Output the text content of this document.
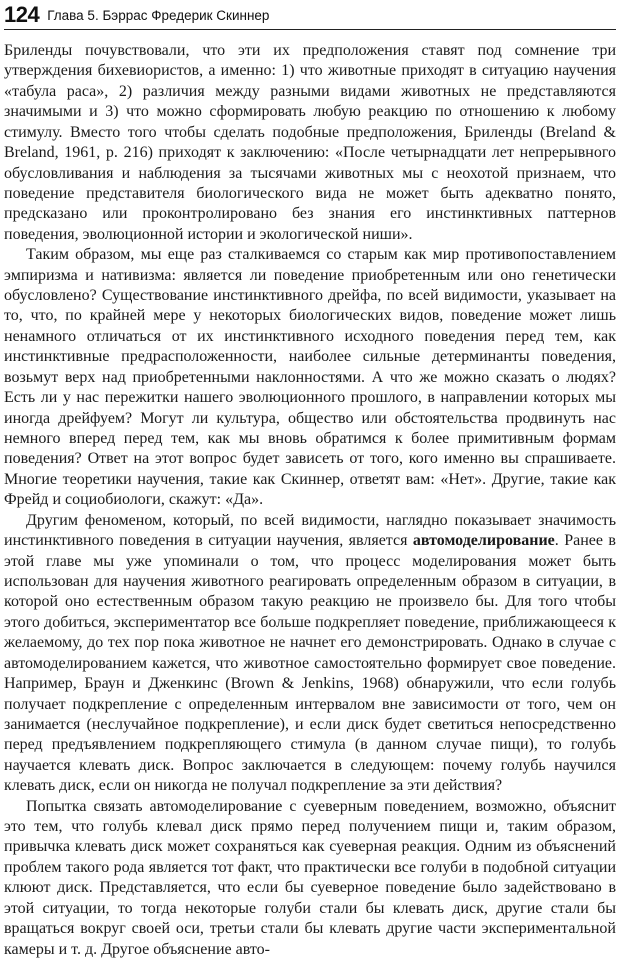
124 Глава 5. Бэррас Фредерик Скиннер

Бриленды почувствовали, что эти их предположения ставят под сомнение три утверждения бихевиористов, а именно: 1) что животные приходят в ситуацию научения «табула раса», 2) различия между разными видами животных не представляются значимыми и 3) что можно сформировать любую реакцию по отношению к любому стимулу. Вместо того чтобы сделать подобные предположения, Бриленды (Breland & Breland, 1961, p. 216) приходят к заключению: «После четырнадцати лет непрерывного обусловливания и наблюдения за тысячами животных мы с неохотой признаем, что поведение представителя биологического вида не может быть адекватно понято, предсказано или проконтролировано без знания его инстинктивных паттернов поведения, эволюционной истории и экологической ниши».

Таким образом, мы еще раз сталкиваемся со старым как мир противопоставлением эмпиризма и нативизма: является ли поведение приобретенным или оно генетически обусловлено? Существование инстинктивного дрейфа, по всей видимости, указывает на то, что, по крайней мере у некоторых биологических видов, поведение может лишь ненамного отличаться от их инстинктивного исходного поведения перед тем, как инстинктивные предрасположенности, наиболее сильные детерминанты поведения, возьмут верх над приобретенными наклонностями. А что же можно сказать о людях? Есть ли у нас пережитки нашего эволюционного прошлого, в направлении которых мы иногда дрейфуем? Могут ли культура, общество или обстоятельства продвинуть нас немного вперед перед тем, как мы вновь обратимся к более примитивным формам поведения? Ответ на этот вопрос будет зависеть от того, кого именно вы спрашиваете. Многие теоретики научения, такие как Скиннер, ответят вам: «Нет». Другие, такие как Фрейд и социобиологи, скажут: «Да».

Другим феноменом, который, по всей видимости, наглядно показывает значимость инстинктивного поведения в ситуации научения, является автомоделирование. Ранее в этой главе мы уже упоминали о том, что процесс моделирования может быть использован для научения животного реагировать определенным образом в ситуации, в которой оно естественным образом такую реакцию не произвело бы. Для того чтобы этого добиться, экспериментатор все больше подкрепляет поведение, приближающееся к желаемому, до тех пор пока животное не начнет его демонстрировать. Однако в случае с автомоделированием кажется, что животное самостоятельно формирует свое поведение. Например, Браун и Дженкинс (Brown & Jenkins, 1968) обнаружили, что если голубь получает подкрепление с определенным интервалом вне зависимости от того, чем он занимается (неслучайное подкрепление), и если диск будет светиться непосредственно перед предъявлением подкрепляющего стимула (в данном случае пищи), то голубь научается клевать диск. Вопрос заключается в следующем: почему голубь научился клевать диск, если он никогда не получал подкрепление за эти действия?

Попытка связать автомоделирование с суеверным поведением, возможно, объяснит это тем, что голубь клевал диск прямо перед получением пищи и, таким образом, привычка клевать диск может сохраняться как суеверная реакция. Одним из объяснений проблем такого рода является тот факт, что практически все голуби в подобной ситуации клюют диск. Представляется, что если бы суеверное поведение было задействовано в этой ситуации, то тогда некоторые голуби стали бы клевать диск, другие стали бы вращаться вокруг своей оси, третьи стали бы клевать другие части экспериментальной камеры и т. д. Другое объяснение авто-
